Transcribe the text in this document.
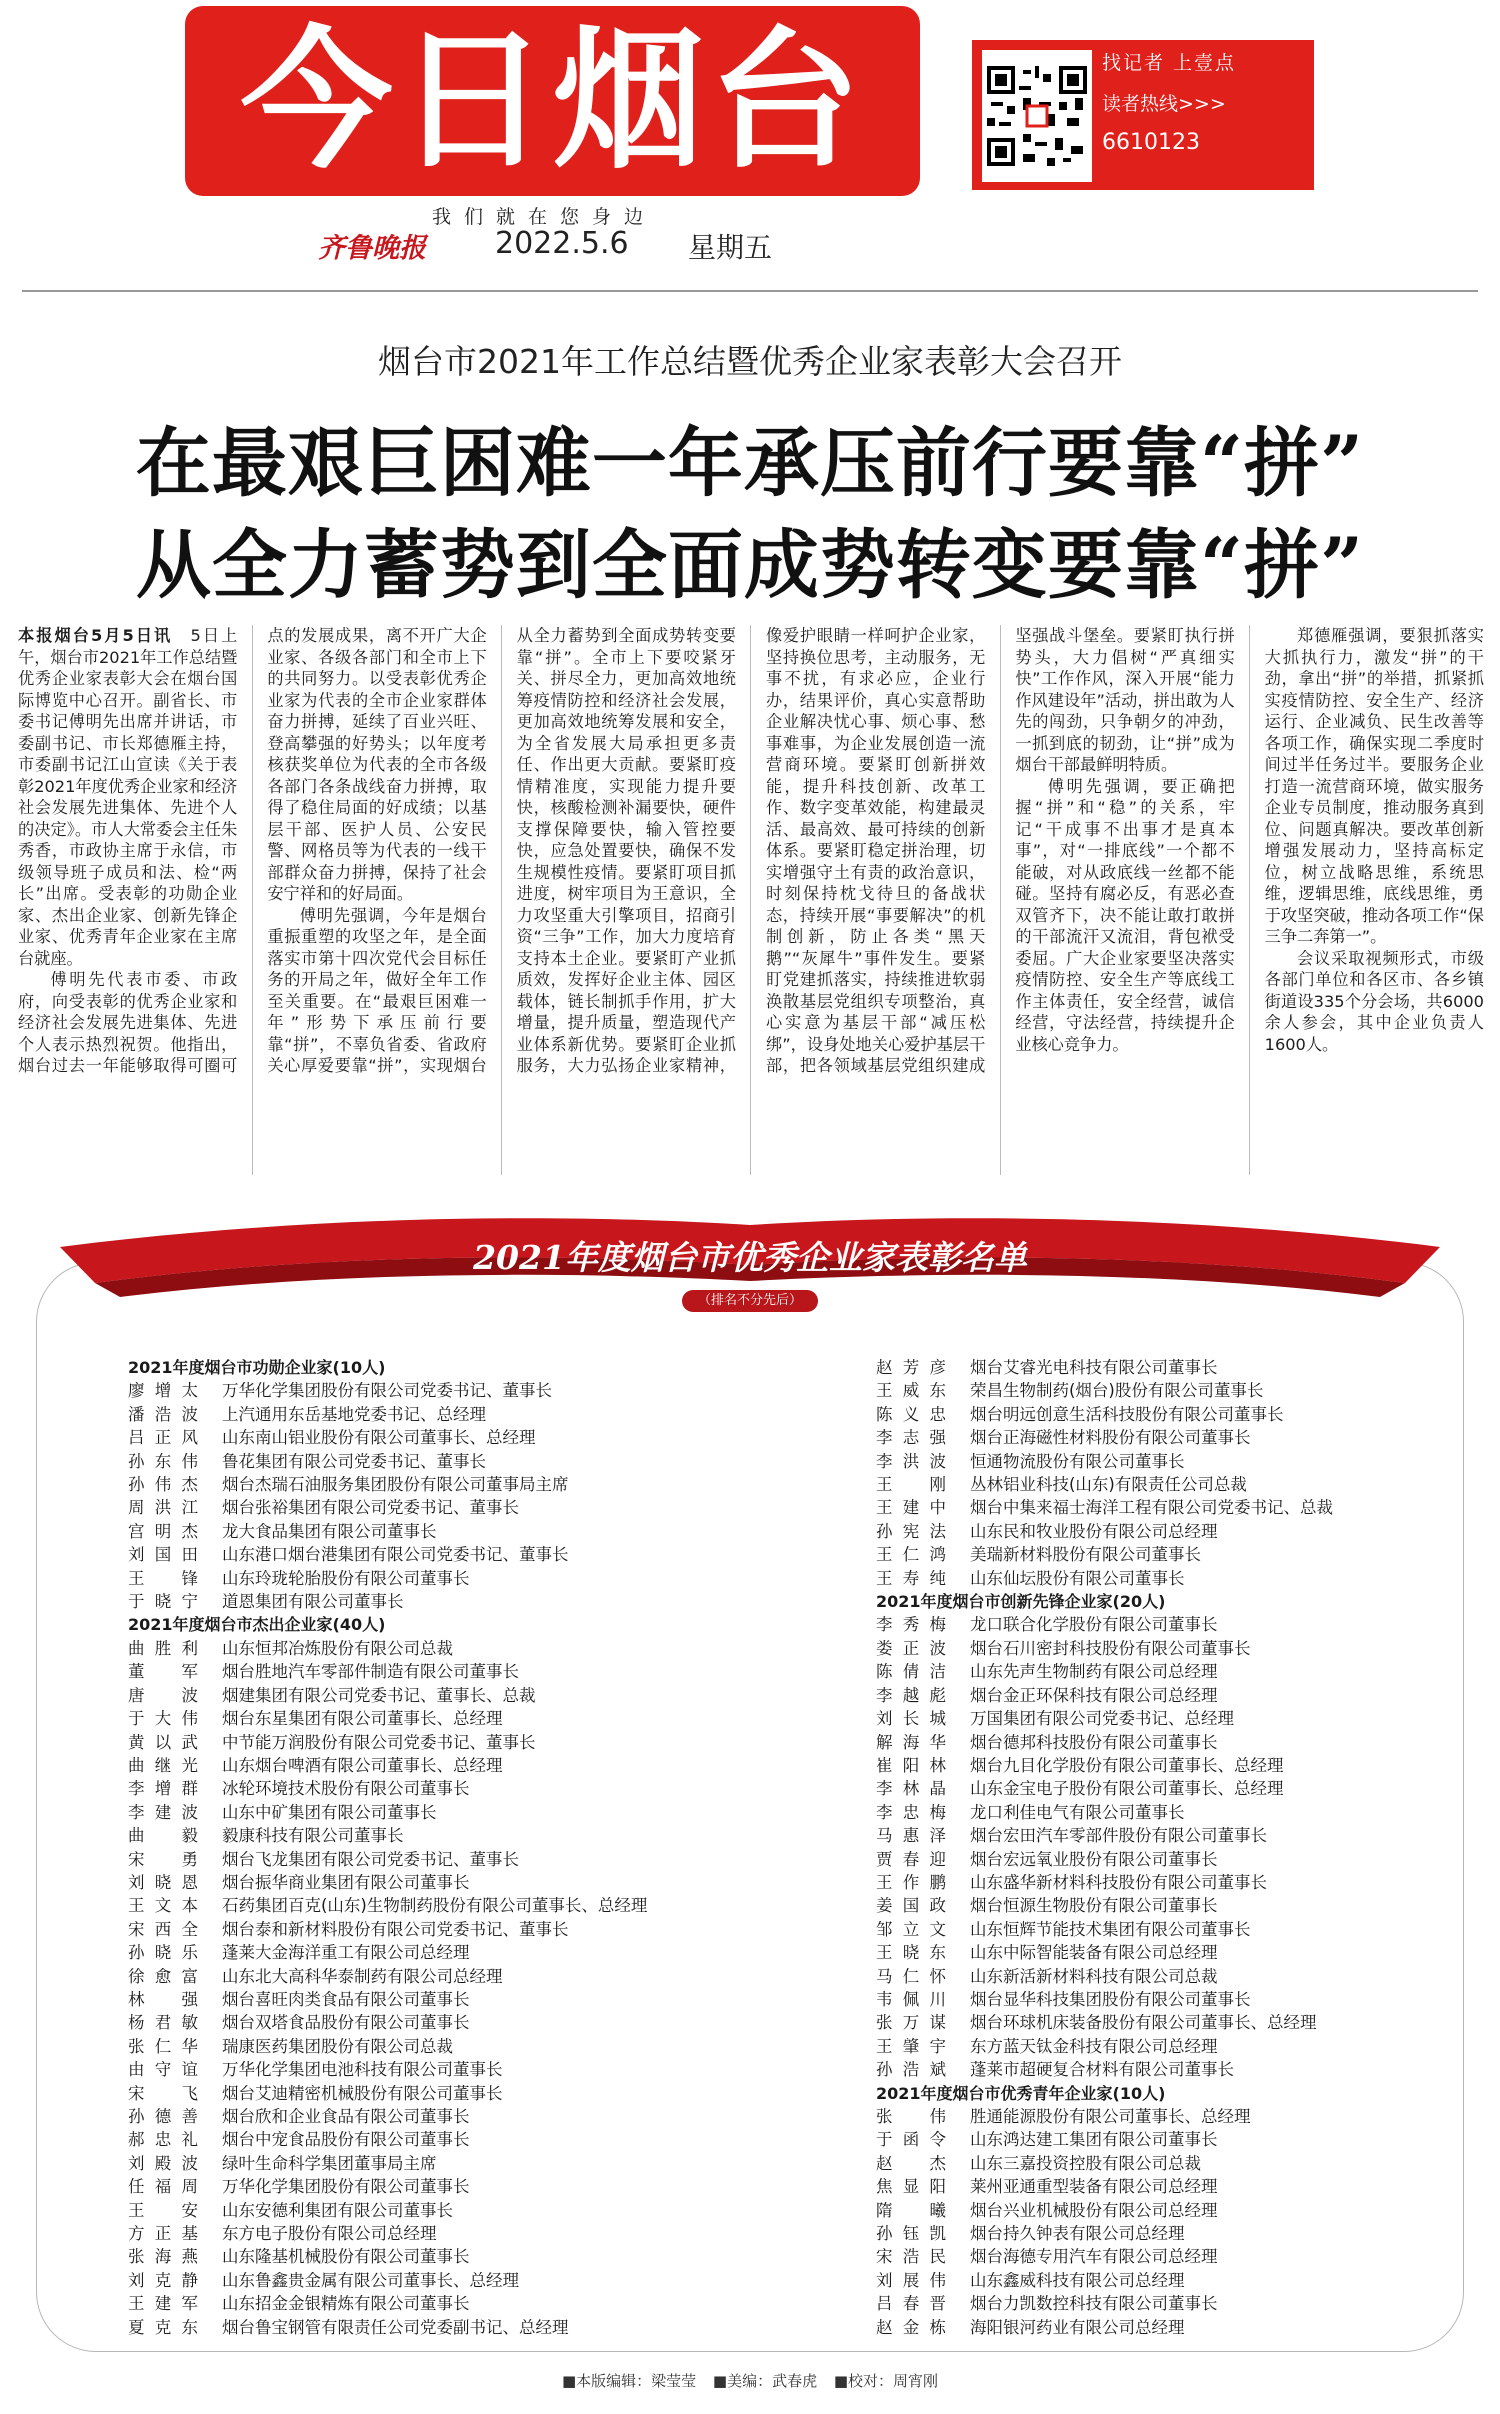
今日烟台
我们就在您身边
齐鲁晚报 2022.5.6 星期五
找记者 上壹点
读者热线>>>
6610123
烟台市2021年工作总结暨优秀企业家表彰大会召开
在最艰巨困难一年承压前行要靠“拼”
从全力蓄势到全面成势转变要靠“拼”

本报烟台5月5日讯　 5日上午，烟台市2021年工作总结暨优秀企业家表彰大会在烟台国际博览中心召开。副省长、市委书记傅明先出席并讲话，市委副书记、市长郑德雁主持，市委副书记江山宣读《关于表彰2021年度优秀企业家和经济社会发展先进集体、先进个人的决定》。市人大常委会主任朱秀香，市政协主席于永信，市级领导班子成员和法、检“两长”出席。受表彰的功勋企业家、杰出企业家、创新先锋企业家、优秀青年企业家在主席台就座。

傅明先代表市委、市政府，向受表彰的优秀企业家和经济社会发展先进集体、先进个人表示热烈祝贺。他指出，烟台过去一年能够取得可圈可点的发展成果，离不开广大企业家、各级各部门和全市上下的共同努力。以受表彰优秀企业家为代表的全市企业家群体奋力拼搏，延续了百业兴旺、登高攀强的好势头；以年度考核获奖单位为代表的全市各级各部门各条战线奋力拼搏，取得了稳住局面的好成绩；以基层干部、医护人员、公安民警、网格员等为代表的一线干部群众奋力拼搏，保持了社会安宁祥和的好局面。

傅明先强调，今年是烟台重振重塑的攻坚之年，是全面落实市第十四次党代会目标任务的开局之年，做好全年工作至关重要。在“最艰巨困难一年”形势下承压前行要靠“拼”，不辜负省委、省政府关心厚爱要靠“拼”，实现烟台从全力蓄势到全面成势转变要靠“拼”。全市上下要咬紧牙关、拼尽全力，更加高效地统筹疫情防控和经济社会发展，更加高效地统筹发展和安全，为全省发展大局承担更多责任、作出更大贡献。要紧盯疫情精准度，实现能力提升要快，核酸检测补漏要快，硬件支撑保障要快，输入管控要快，应急处置要快，确保不发生规模性疫情。要紧盯项目抓进度，树牢项目为王意识，全力攻坚重大引擎项目，招商引资“三争”工作，加大力度培育支持本土企业。要紧盯产业抓质效，发挥好企业主体、园区载体，链长制抓手作用，扩大增量，提升质量，塑造现代产业体系新优势。要紧盯企业抓服务，大力弘扬企业家精神，像爱护眼睛一样呵护企业家，坚持换位思考，主动服务，无事不扰，有求必应，企业行办，结果评价，真心实意帮助企业解决忧心事、烦心事、愁事难事，为企业发展创造一流营商环境。要紧盯创新拼效能，提升科技创新、改革工作、数字变革效能，构建最灵活、最高效、最可持续的创新体系。要紧盯稳定拼治理，切实增强守土有责的政治意识，时刻保持枕戈待旦的备战状态，持续开展“事要解决”的机制创新，防止各类“黑天鹅”“灰犀牛”事件发生。要紧盯党建抓落实，持续推进软弱涣散基层党组织专项整治，真心实意为基层干部“减压松绑”，设身处地关心爱护基层干部，把各领域基层党组织建成坚强战斗堡垒。要紧盯执行拼势头，大力倡树“严真细实快”工作作风，深入开展“能力作风建设年”活动，拼出敢为人先的闯劲，只争朝夕的冲劲，一抓到底的韧劲，让“拼”成为烟台干部最鲜明特质。

傅明先强调，要正确把握“拼”和“稳”的关系，牢记“干成事不出事才是真本事”，对“一排底线”一个都不能破，对从政底线一丝都不能碰。坚持有腐必反，有恶必查双管齐下，决不能让敢打敢拼的干部流汗又流泪，背包袱受委屈。广大企业家要坚决落实疫情防控、安全生产等底线工作主体责任，安全经营，诚信经营，守法经营，持续提升企业核心竞争力。

郑德雁强调，要狠抓落实大抓执行力，激发“拼”的干劲，拿出“拼”的举措，抓紧抓实疫情防控、安全生产、经济运行、企业减负、民生改善等各项工作，确保实现二季度时间过半任务过半。要服务企业打造一流营商环境，做实服务企业专员制度，推动服务真到位、问题真解决。要改革创新增强发展动力，坚持高标定位，树立战略思维，系统思维，逻辑思维，底线思维，勇于攻坚突破，推动各项工作“保三争二奔第一”。

会议采取视频形式，市级各部门单位和各区市、各乡镇街道设335个分会场，共6000余人参会，其中企业负责人1600人。

2021年度烟台市优秀企业家表彰名单
（排名不分先后）
2021年度烟台市功勋企业家(10人)
廖增太	万华化学集团股份有限公司党委书记、董事长
潘浩波	上汽通用东岳基地党委书记、总经理
吕正风	山东南山铝业股份有限公司董事长、总经理
孙东伟	鲁花集团有限公司党委书记、董事长
孙伟杰	烟台杰瑞石油服务集团股份有限公司董事局主席
周洪江	烟台张裕集团有限公司党委书记、董事长
宫明杰	龙大食品集团有限公司董事长
刘国田	山东港口烟台港集团有限公司党委书记、董事长
王锋	山东玲珑轮胎股份有限公司董事长
于晓宁	道恩集团有限公司董事长
2021年度烟台市杰出企业家(40人)
曲胜利	山东恒邦冶炼股份有限公司总裁
董军	烟台胜地汽车零部件制造有限公司董事长
唐波	烟建集团有限公司党委书记、董事长、总裁
于大伟	烟台东星集团有限公司董事长、总经理
黄以武	中节能万润股份有限公司党委书记、董事长
曲继光	山东烟台啤酒有限公司董事长、总经理
李增群	冰轮环境技术股份有限公司董事长
李建波	山东中矿集团有限公司董事长
曲毅	毅康科技有限公司董事长
宋勇	烟台飞龙集团有限公司党委书记、董事长
刘晓恩	烟台振华商业集团有限公司董事长
王文本	石药集团百克(山东)生物制药股份有限公司董事长、总经理
宋西全	烟台泰和新材料股份有限公司党委书记、董事长
孙晓乐	蓬莱大金海洋重工有限公司总经理
徐愈富	山东北大高科华泰制药有限公司总经理
林强	烟台喜旺肉类食品有限公司董事长
杨君敏	烟台双塔食品股份有限公司董事长
张仁华	瑞康医药集团股份有限公司总裁
由守谊	万华化学集团电池科技有限公司董事长
宋飞	烟台艾迪精密机械股份有限公司董事长
孙德善	烟台欣和企业食品有限公司董事长
郝忠礼	烟台中宠食品股份有限公司董事长
刘殿波	绿叶生命科学集团董事局主席
任福周	万华化学集团股份有限公司董事长
王安	山东安德利集团有限公司董事长
方正基	东方电子股份有限公司总经理
张海燕	山东隆基机械股份有限公司董事长
刘克静	山东鲁鑫贵金属有限公司董事长、总经理
王建军	山东招金金银精炼有限公司董事长
夏克东	烟台鲁宝钢管有限责任公司党委副书记、总经理
赵芳彦	烟台艾睿光电科技有限公司董事长
王威东	荣昌生物制药(烟台)股份有限公司董事长
陈义忠	烟台明远创意生活科技股份有限公司董事长
李志强	烟台正海磁性材料股份有限公司董事长
李洪波	恒通物流股份有限公司董事长
王刚	丛林铝业科技(山东)有限责任公司总裁
王建中	烟台中集来福士海洋工程有限公司党委书记、总裁
孙宪法	山东民和牧业股份有限公司总经理
王仁鸿	美瑞新材料股份有限公司董事长
王寿纯	山东仙坛股份有限公司董事长
2021年度烟台市创新先锋企业家(20人)
李秀梅	龙口联合化学股份有限公司董事长
娄正波	烟台石川密封科技股份有限公司董事长
陈倩洁	山东先声生物制药有限公司总经理
李越彪	烟台金正环保科技有限公司总经理
刘长城	万国集团有限公司党委书记、总经理
解海华	烟台德邦科技股份有限公司董事长
崔阳林	烟台九目化学股份有限公司董事长、总经理
李林晶	山东金宝电子股份有限公司董事长、总经理
李忠梅	龙口利佳电气有限公司董事长
马惠泽	烟台宏田汽车零部件股份有限公司董事长
贾春迎	烟台宏远氧业股份有限公司董事长
王作鹏	山东盛华新材料科技股份有限公司董事长
姜国政	烟台恒源生物股份有限公司董事长
邹立文	山东恒辉节能技术集团有限公司董事长
王晓东	山东中际智能装备有限公司总经理
马仁怀	山东新活新材料科技有限公司总裁
韦佩川	烟台显华科技集团股份有限公司董事长
张万谋	烟台环球机床装备股份有限公司董事长、总经理
王肇宇	东方蓝天钛金科技有限公司总经理
孙浩斌	蓬莱市超硬复合材料有限公司董事长
2021年度烟台市优秀青年企业家(10人)
张伟	胜通能源股份有限公司董事长、总经理
于函令	山东鸿达建工集团有限公司董事长
赵杰	山东三嘉投资控股有限公司总裁
焦显阳	莱州亚通重型装备有限公司总经理
隋曦	烟台兴业机械股份有限公司总经理
孙钰凯	烟台持久钟表有限公司总经理
宋浩民	烟台海德专用汽车有限公司总经理
刘展伟	山东鑫威科技有限公司总经理
吕春晋	烟台力凯数控科技有限公司董事长
赵金栋	海阳银河药业有限公司总经理
■本版编辑：梁莹莹 ■美编：武春虎 ■校对：周宵刚
